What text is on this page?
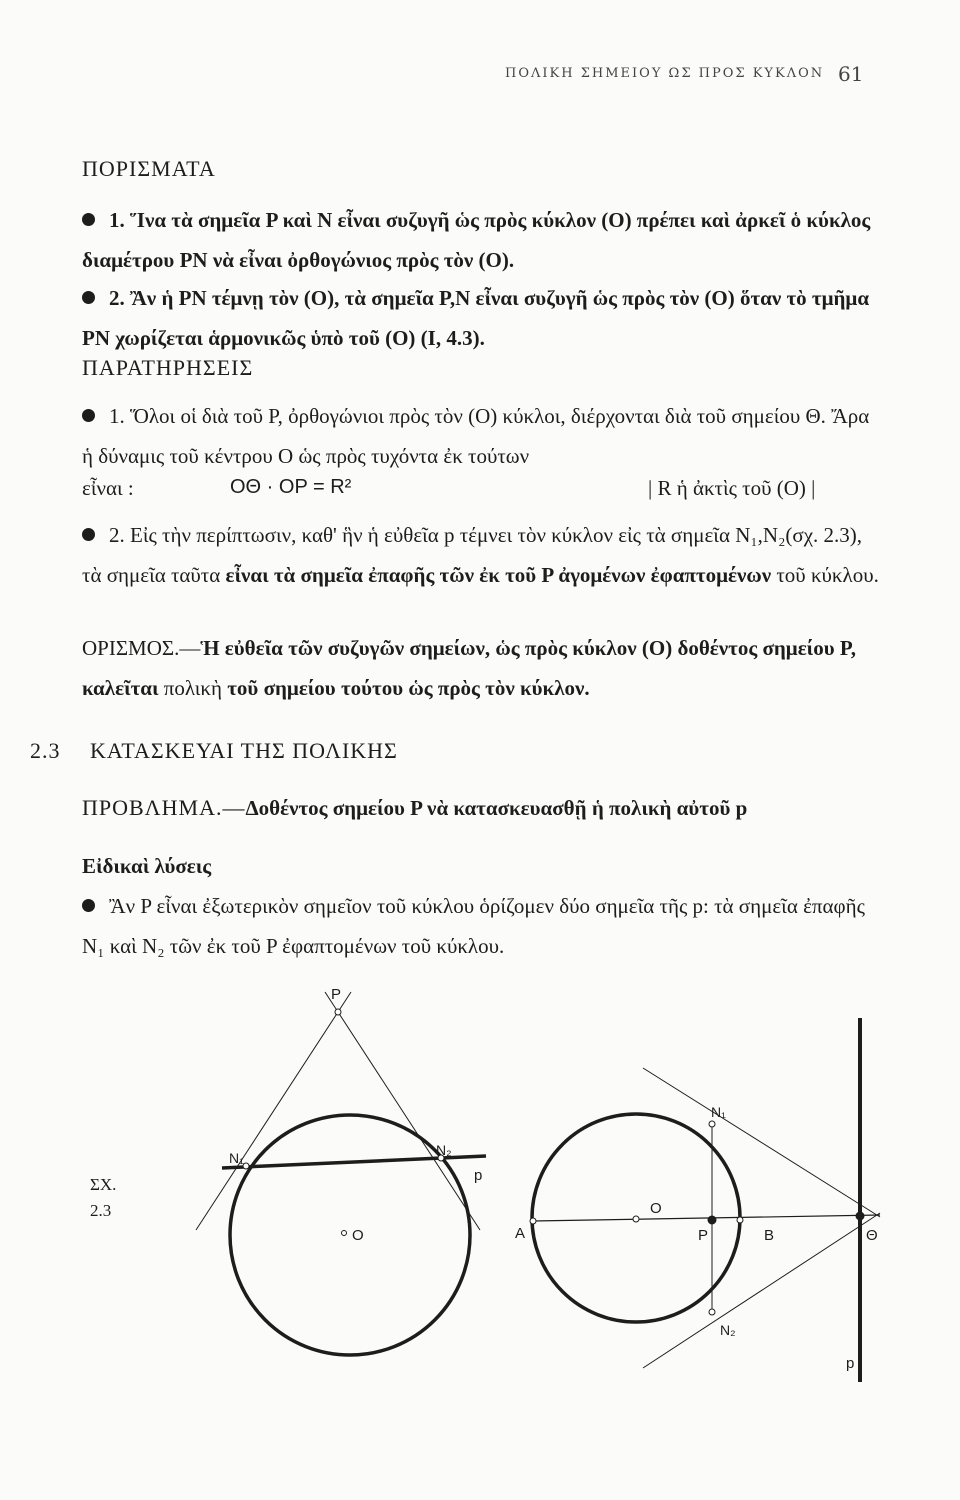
ΠΟΛΙΚΗ ΣΗΜΕΙΟΥ ΩΣ ΠΡΟΣ ΚΥΚΛΟΝ 61
ΠΟΡΙΣΜΑΤΑ

1. Ἵνα τὰ σημεῖα P καὶ N εἶναι συζυγῆ ὡς πρὸς κύκλον (O) πρέπει καὶ ἀρκεῖ ὁ κύκλος διαμέτρου PN νὰ εἶναι ὀρθογώνιος πρὸς τὸν (O).

2. Ἂν ἡ PN τέμνῃ τὸν (O), τὰ σημεῖα P,N εἶναι συζυγῆ ὡς πρὸς τὸν (O) ὅταν τὸ τμῆμα PN χωρίζεται ἁρμονικῶς ὑπὸ τοῦ (O) (I, 4.3).

ΠΑΡΑΤΗΡΗΣΕΙΣ

1. Ὅλοι οἱ διὰ τοῦ P, ὀρθογώνιοι πρὸς τὸν (O) κύκλοι, διέρχονται διὰ τοῦ σημείου Θ. Ἄρα ἡ δύναμις τοῦ κέντρου O ὡς πρὸς τυχόντα ἐκ τούτων

εἶναι :	OΘ · OP = R²	| R ἡ ἀκτὶς τοῦ (O) |

2. Εἰς τὴν περίπτωσιν, καθ' ἣν ἡ εὐθεῖα p τέμνει τὸν κύκλον εἰς τὰ σημεῖα N₁,N₂(σχ. 2.3), τὰ σημεῖα ταῦτα εἶναι τὰ σημεῖα ἐπαφῆς τῶν ἐκ τοῦ P ἀγομένων ἐφαπτομένων τοῦ κύκλου.

ΟΡΙΣΜΟΣ.—Ἡ εὐθεῖα τῶν συζυγῶν σημείων, ὡς πρὸς κύκλον (O) δοθέντος σημείου P, καλεῖται πολικὴ τοῦ σημείου τούτου ὡς πρὸς τὸν κύκλον.

2.3 ΚΑΤΑΣΚΕΥΑΙ ΤΗΣ ΠΟΛΙΚΗΣ

ΠΡΟΒΛΗΜΑ.—Δοθέντος σημείου P νὰ κατασκευασθῇ ἡ πολικὴ αὐτοῦ p

Εἰδικαὶ λύσεις

Ἂν P εἶναι ἐξωτερικὸν σημεῖον τοῦ κύκλου ὁρίζομεν δύο σημεῖα τῆς p: τὰ σημεῖα ἐπαφῆς N₁ καὶ N₂ τῶν ἐκ τοῦ P ἐφαπτομένων τοῦ κύκλου.

ΣΧ.
2.3
P
N₁	N₂
p
O	A
O
P	B	Θ
N₁
N₂
p
